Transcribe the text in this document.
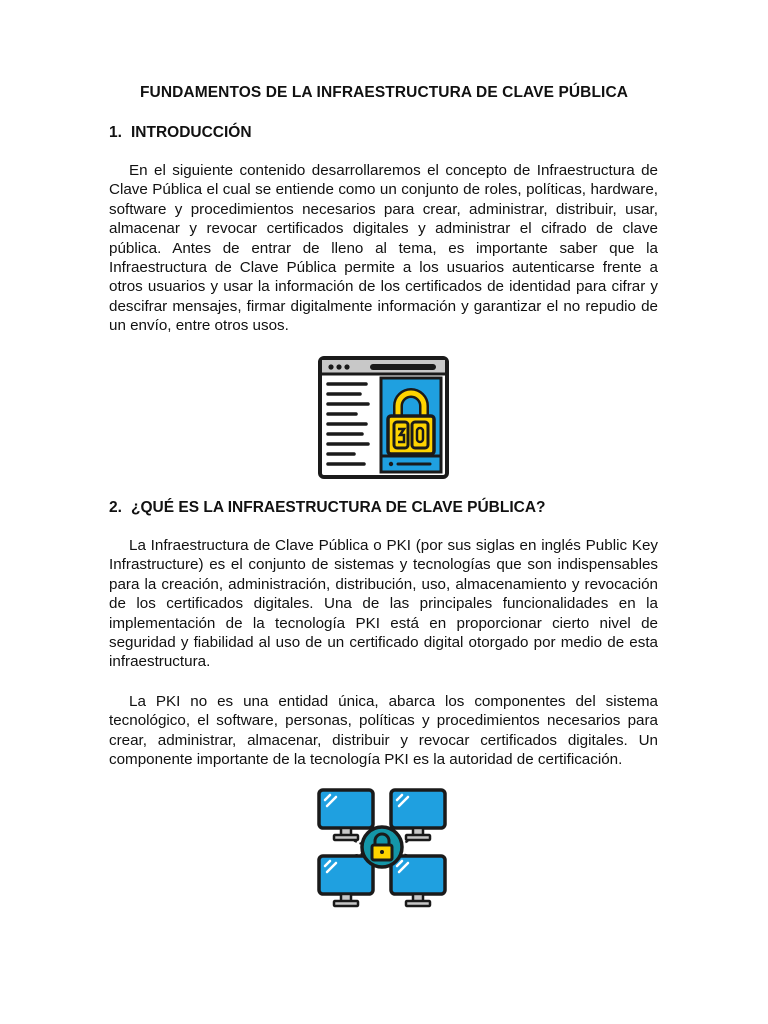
FUNDAMENTOS DE LA INFRAESTRUCTURA DE CLAVE PÚBLICA
1. INTRODUCCIÓN

En el siguiente contenido desarrollaremos el concepto de Infraestructura de Clave Pública el cual se entiende como un conjunto de roles, políticas, hardware, software y procedimientos necesarios para crear, administrar, distribuir, usar, almacenar y revocar certificados digitales y administrar el cifrado de clave pública. Antes de entrar de lleno al tema, es importante saber que la Infraestructura de Clave Pública permite a los usuarios autenticarse frente a otros usuarios y usar la información de los certificados de identidad para cifrar y descifrar mensajes, firmar digitalmente información y garantizar el no repudio de un envío, entre otros usos.

2. ¿QUÉ ES LA INFRAESTRUCTURA DE CLAVE PÚBLICA?

La Infraestructura de Clave Pública o PKI (por sus siglas en inglés Public Key Infrastructure) es el conjunto de sistemas y tecnologías que son indispensables para la creación, administración, distribución, uso, almacenamiento y revocación de los certificados digitales. Una de las principales funcionalidades en la implementación de la tecnología PKI está en proporcionar cierto nivel de seguridad y fiabilidad al uso de un certificado digital otorgado por medio de esta infraestructura.

La PKI no es una entidad única, abarca los componentes del sistema tecnológico, el software, personas, políticas y procedimientos necesarios para crear, administrar, almacenar, distribuir y revocar certificados digitales. Un componente importante de la tecnología PKI es la autoridad de certificación.
